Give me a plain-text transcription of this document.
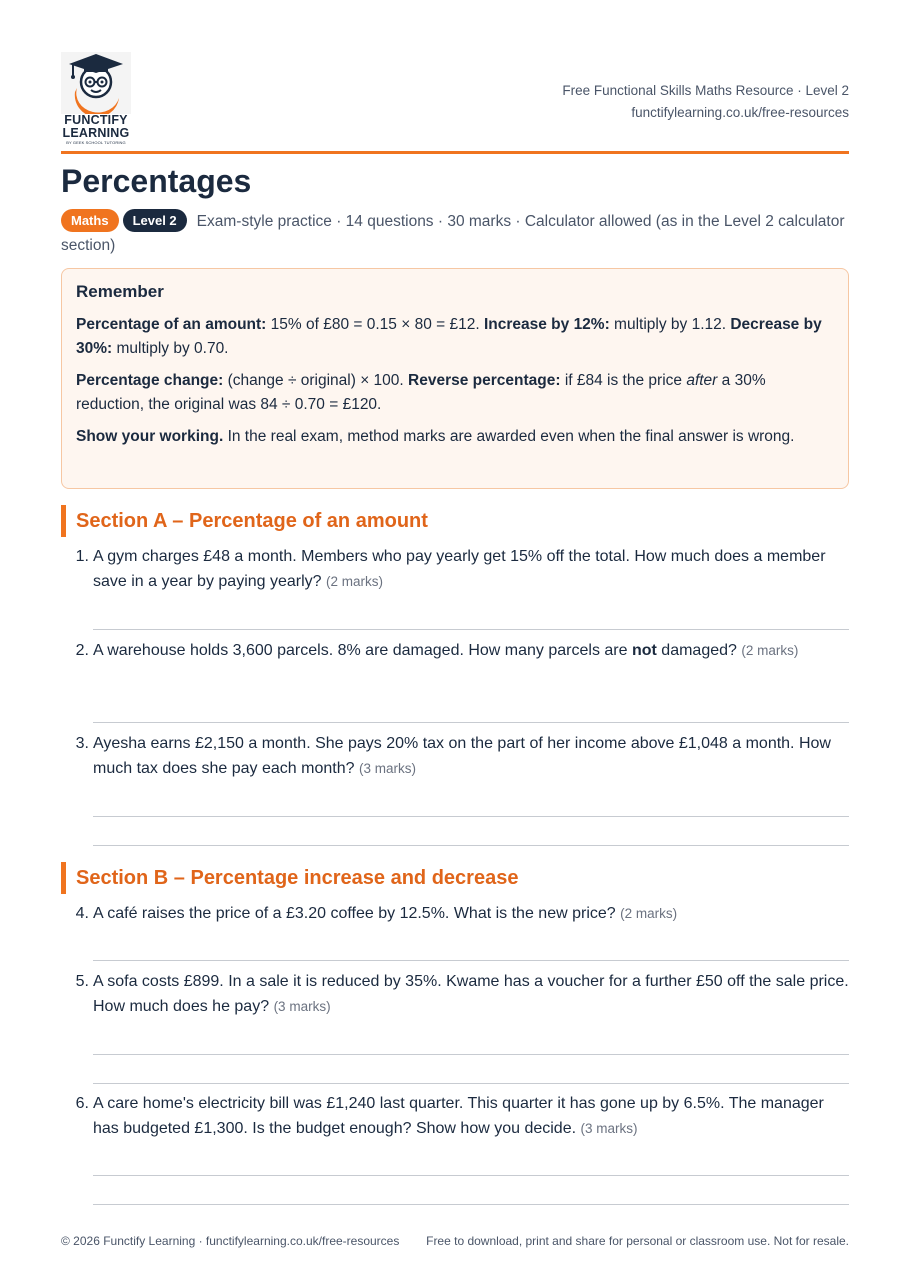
FUNCTIFY
LEARNING
BY GEEK SCHOOL TUTORING
Free Functional Skills Maths Resource · Level 2
functifylearning.co.uk/free-resources
Percentages
Maths Level 2 Exam-style practice · 14 questions · 30 marks · Calculator allowed (as in the Level 2 calculator section)
Remember

Percentage of an amount: 15% of £80 = 0.15 × 80 = £12. Increase by 12%: multiply by 1.12. Decrease by 30%: multiply by 0.70.

Percentage change: (change ÷ original) × 100. Reverse percentage: if £84 is the price after a 30% reduction, the original was 84 ÷ 0.70 = £120.

Show your working. In the real exam, method marks are awarded even when the final answer is wrong.

Section A – Percentage of an amount
1. A gym charges £48 a month. Members who pay yearly get 15% off the total. How much does a member save in a year by paying yearly? (2 marks)
2. A warehouse holds 3,600 parcels. 8% are damaged. How many parcels are not damaged? (2 marks)
3. Ayesha earns £2,150 a month. She pays 20% tax on the part of her income above £1,048 a month. How much tax does she pay each month? (3 marks)
Section B – Percentage increase and decrease
4. A café raises the price of a £3.20 coffee by 12.5%. What is the new price? (2 marks)
5. A sofa costs £899. In a sale it is reduced by 35%. Kwame has a voucher for a further £50 off the sale price. How much does he pay? (3 marks)
6. A care home's electricity bill was £1,240 last quarter. This quarter it has gone up by 6.5%. The manager has budgeted £1,300. Is the budget enough? Show how you decide. (3 marks)
© 2026 Functify Learning · functifylearning.co.uk/free-resources	Free to download, print and share for personal or classroom use. Not for resale.
